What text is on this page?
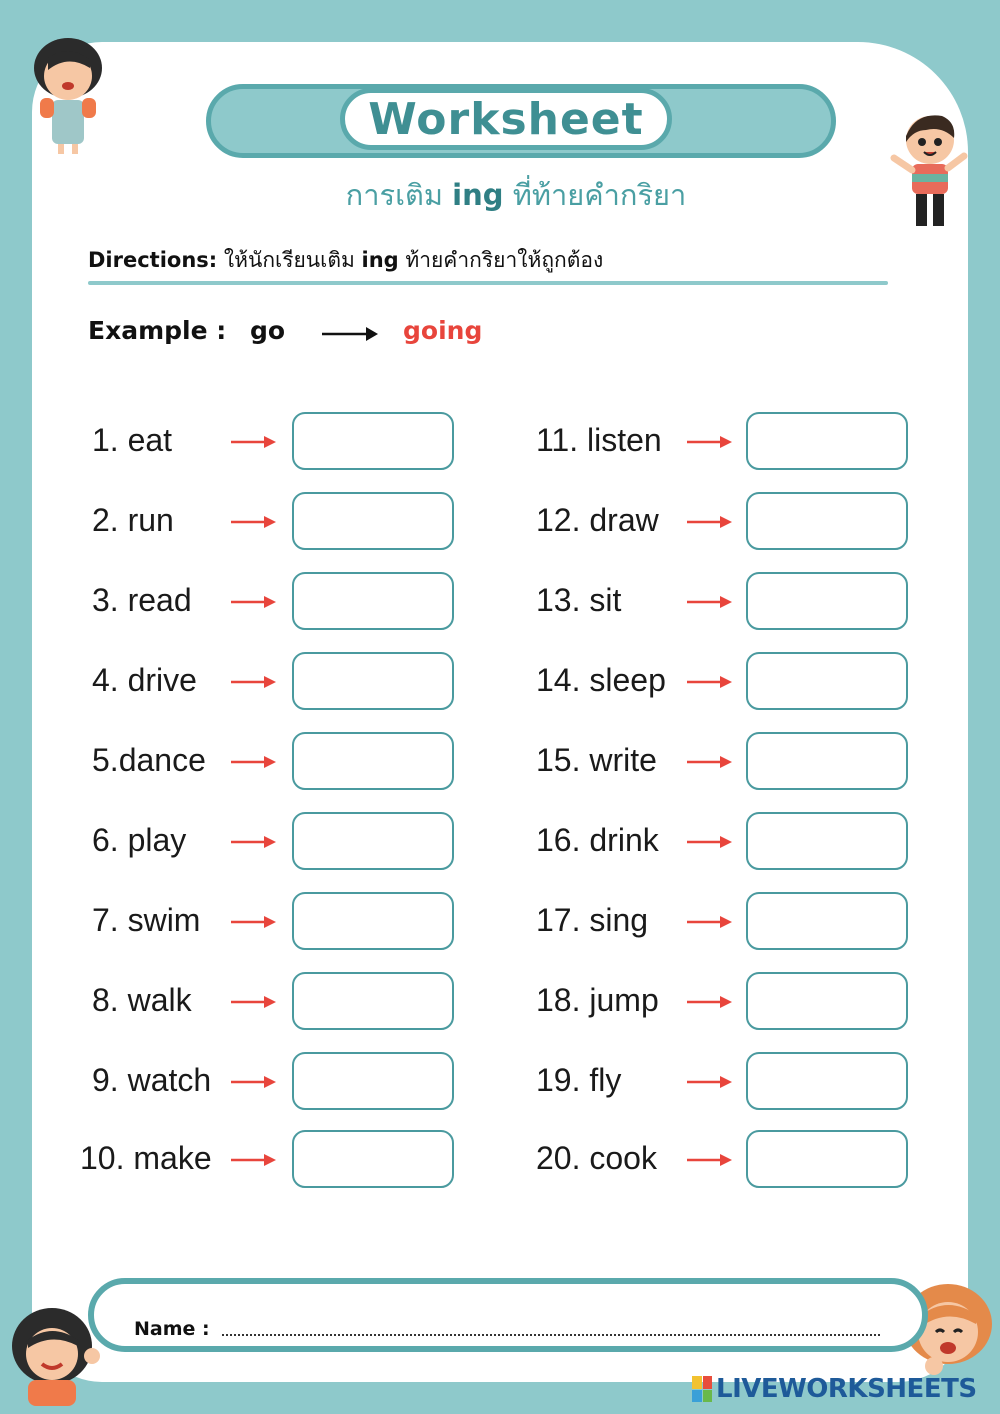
Worksheet
การเติม ing ที่ท้ายคำกริยา
Directions: ให้นักเรียนเติม ing ท้ายคำกริยาให้ถูกต้อง
Example : go	going
1. eat
2. run
3. read
4. drive
5.dance
6. play
7. swim
8. walk
9. watch
10. make
11. listen
12. draw
13. sit
14. sleep
15. write
16. drink
17. sing
18. jump
19. fly
20. cook
Name :
LIVEWORKSHEETS
